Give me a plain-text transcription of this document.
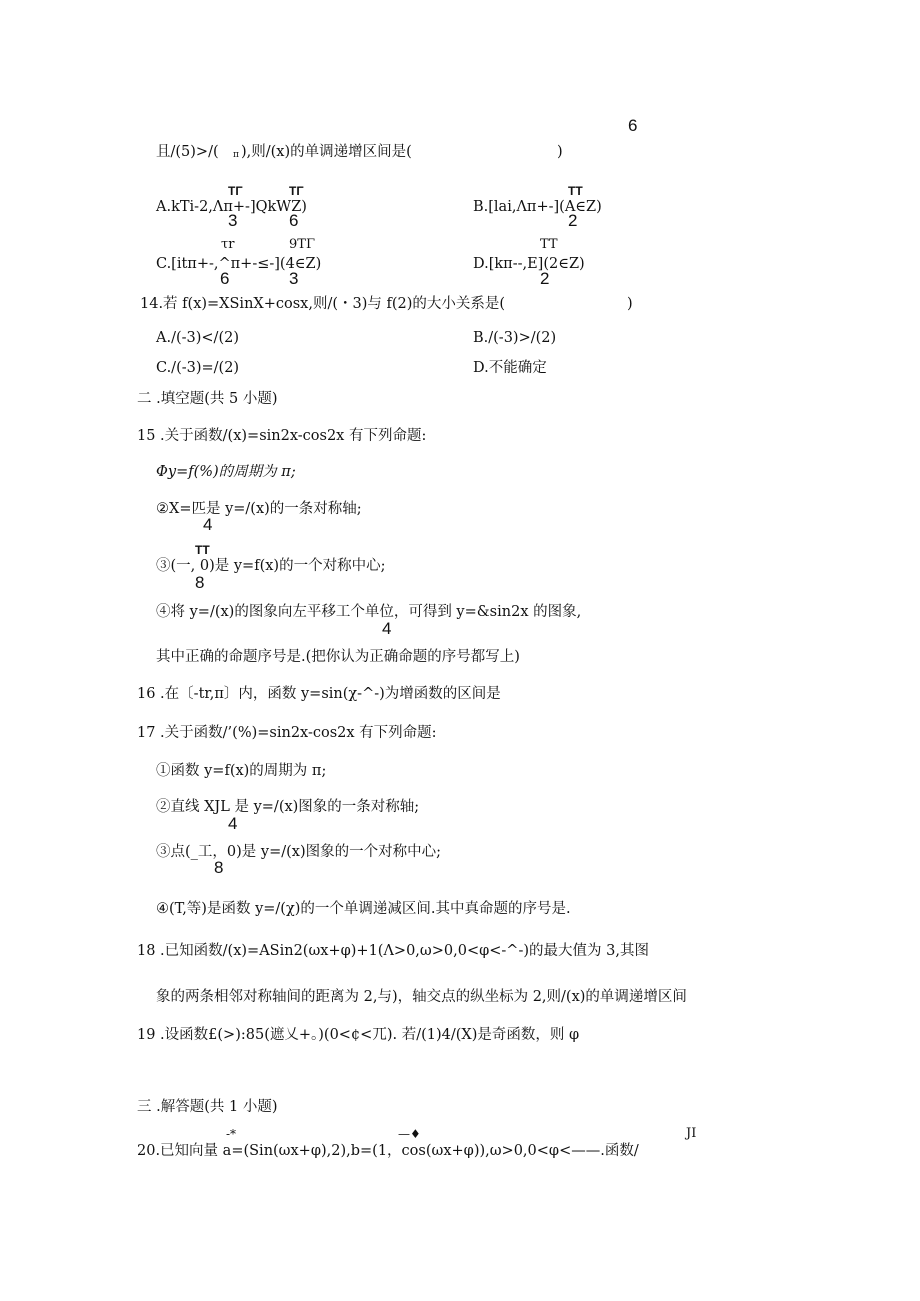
6
且/(5)>/( π ),则/(x)的单调递增区间是(	)
TΓ	TΓ	TT
A.kTi-2,Λπ+-]QkWZ)	B.[lai,Λπ+-](A∈Z)
3	6	2
τr	9TΓ	TT
C.[itπ+-,^π+-≤-](4∈Z)	D.[kπ--,E](2∈Z)
6	3	2
14.若 f(x)=XSinX+cosx,则/(・3)与 f(2)的大小关系是(	)
A./(-3)</(2)	B./(-3)>/(2)
C./(-3)=/(2)	D.不能确定
二 .填空题(共 5 小题)
15 .关于函数/(x)=sin2x-cos2x 有下列命题:
Φy=f(%)的周期为 π;
②X=匹是 y=/(x)的一条对称轴;
4
TT
③(一, 0)是 y=f(x)的一个对称中心;
8
④将 y=/(x)的图象向左平移工个单位，可得到 y=&sin2x 的图象,
4
其中正确的命题序号是.(把你认为正确命题的序号都写上)
16 .在〔-tr,π〕内，函数 y=sin(χ-^-)为增函数的区间是
17 .关于函数/’(%)=sin2x-cos2x 有下列命题:
①函数 y=f(x)的周期为 π;
②直线 XJL 是 y=/(x)图象的一条对称轴;
4
③点(_工，0)是 y=/(x)图象的一个对称中心;
8
④(T,等)是函数 y=/(χ)的一个单调递减区间.其中真命题的序号是.
18 .已知函数/(x)=ASin2(ωx+φ)+1(Λ>0,ω>0,0<φ<-^-)的最大值为 3,其图
象的两条相邻对称轴间的距离为 2,与)，轴交点的纵坐标为 2,则/(x)的单调递增区间
19 .设函数£(>):85(遮乂+。)(0<¢<兀). 若/(1)4/(X)是奇函数，则 φ
三 .解答题(共 1 小题)
-*	—♦	JI
20.已知向量 a=(Sin(ωx+φ),2),b=(1，cos(ωx+φ)),ω>0,0<φ<——.函数/
